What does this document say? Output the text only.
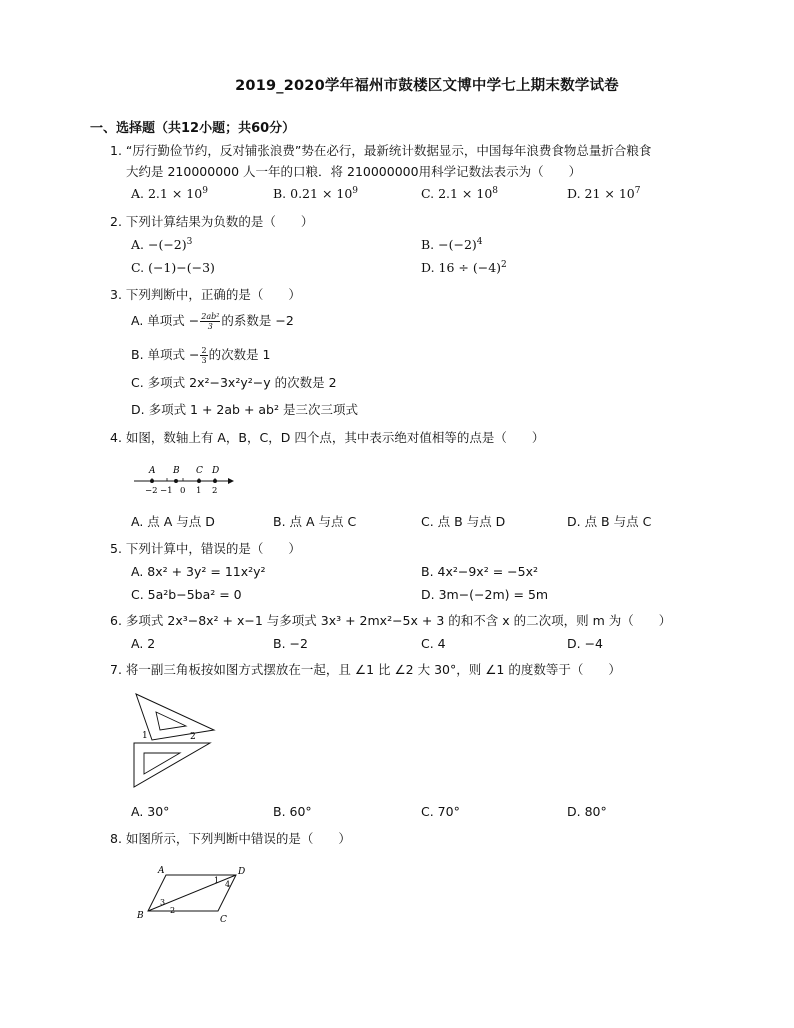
2019_2020学年福州市鼓楼区文博中学七上期末数学试卷
一、选择题（共12小题；共60分）
1. “厉行勤俭节约，反对铺张浪费”势在必行，最新统计数据显示，中国每年浪费食物总量折合粮食
大约是 210000000 人一年的口粮．将 210000000用科学记数法表示为（　　）
A. $2.1 \times 10^9$	B. $0.21 \times 10^9$	C. $2.1 \times 10^8$	D. $21 \times 10^7$
2. 下列计算结果为负数的是（　　）
A. $-(-2)^3$	B. $-(-2)^4$
C. (−1)−(−3)	D. $16 \div (-4)^2$
3. 下列判断中，正确的是（　　）
A. 单项式 − $\frac{\text{2ab²}}{3}$ 的系数是 −2
B. 单项式 − $\frac{2}{3}$ 的次数是 1
C. 多项式 2x²−3x²y²−y 的次数是 2
D. 多项式 1 + 2ab + ab² 是三次三项式
4. 如图，数轴上有 A，B，C，D 四个点，其中表示绝对值相等的点是（　　）
A B C D
−2 −1 0 1 2
A. 点 A 与点 D	B. 点 A 与点 C	C. 点 B 与点 D	D. 点 B 与点 C
5. 下列计算中，错误的是（　　）
A. 8x² + 3y² = 11x²y²	B. 4x²−9x² = −5x²
C. 5a²b−5ba² = 0	D. 3m−(−2m) = 5m
6. 多项式 2x³−8x² + x−1 与多项式 3x³ + 2mx²−5x + 3 的和不含 x 的二次项，则 m 为（　　）
A. 2	B. −2	C. 4	D. −4
7. 将一副三角板按如图方式摆放在一起，且 ∠1 比 ∠2 大 30°，则 ∠1 的度数等于（　　）
1	2
A. 30°	B. 60°	C. 70°	D. 80°
8. 如图所示，下列判断中错误的是（　　）
A
B	C
D
1
2
3
4
